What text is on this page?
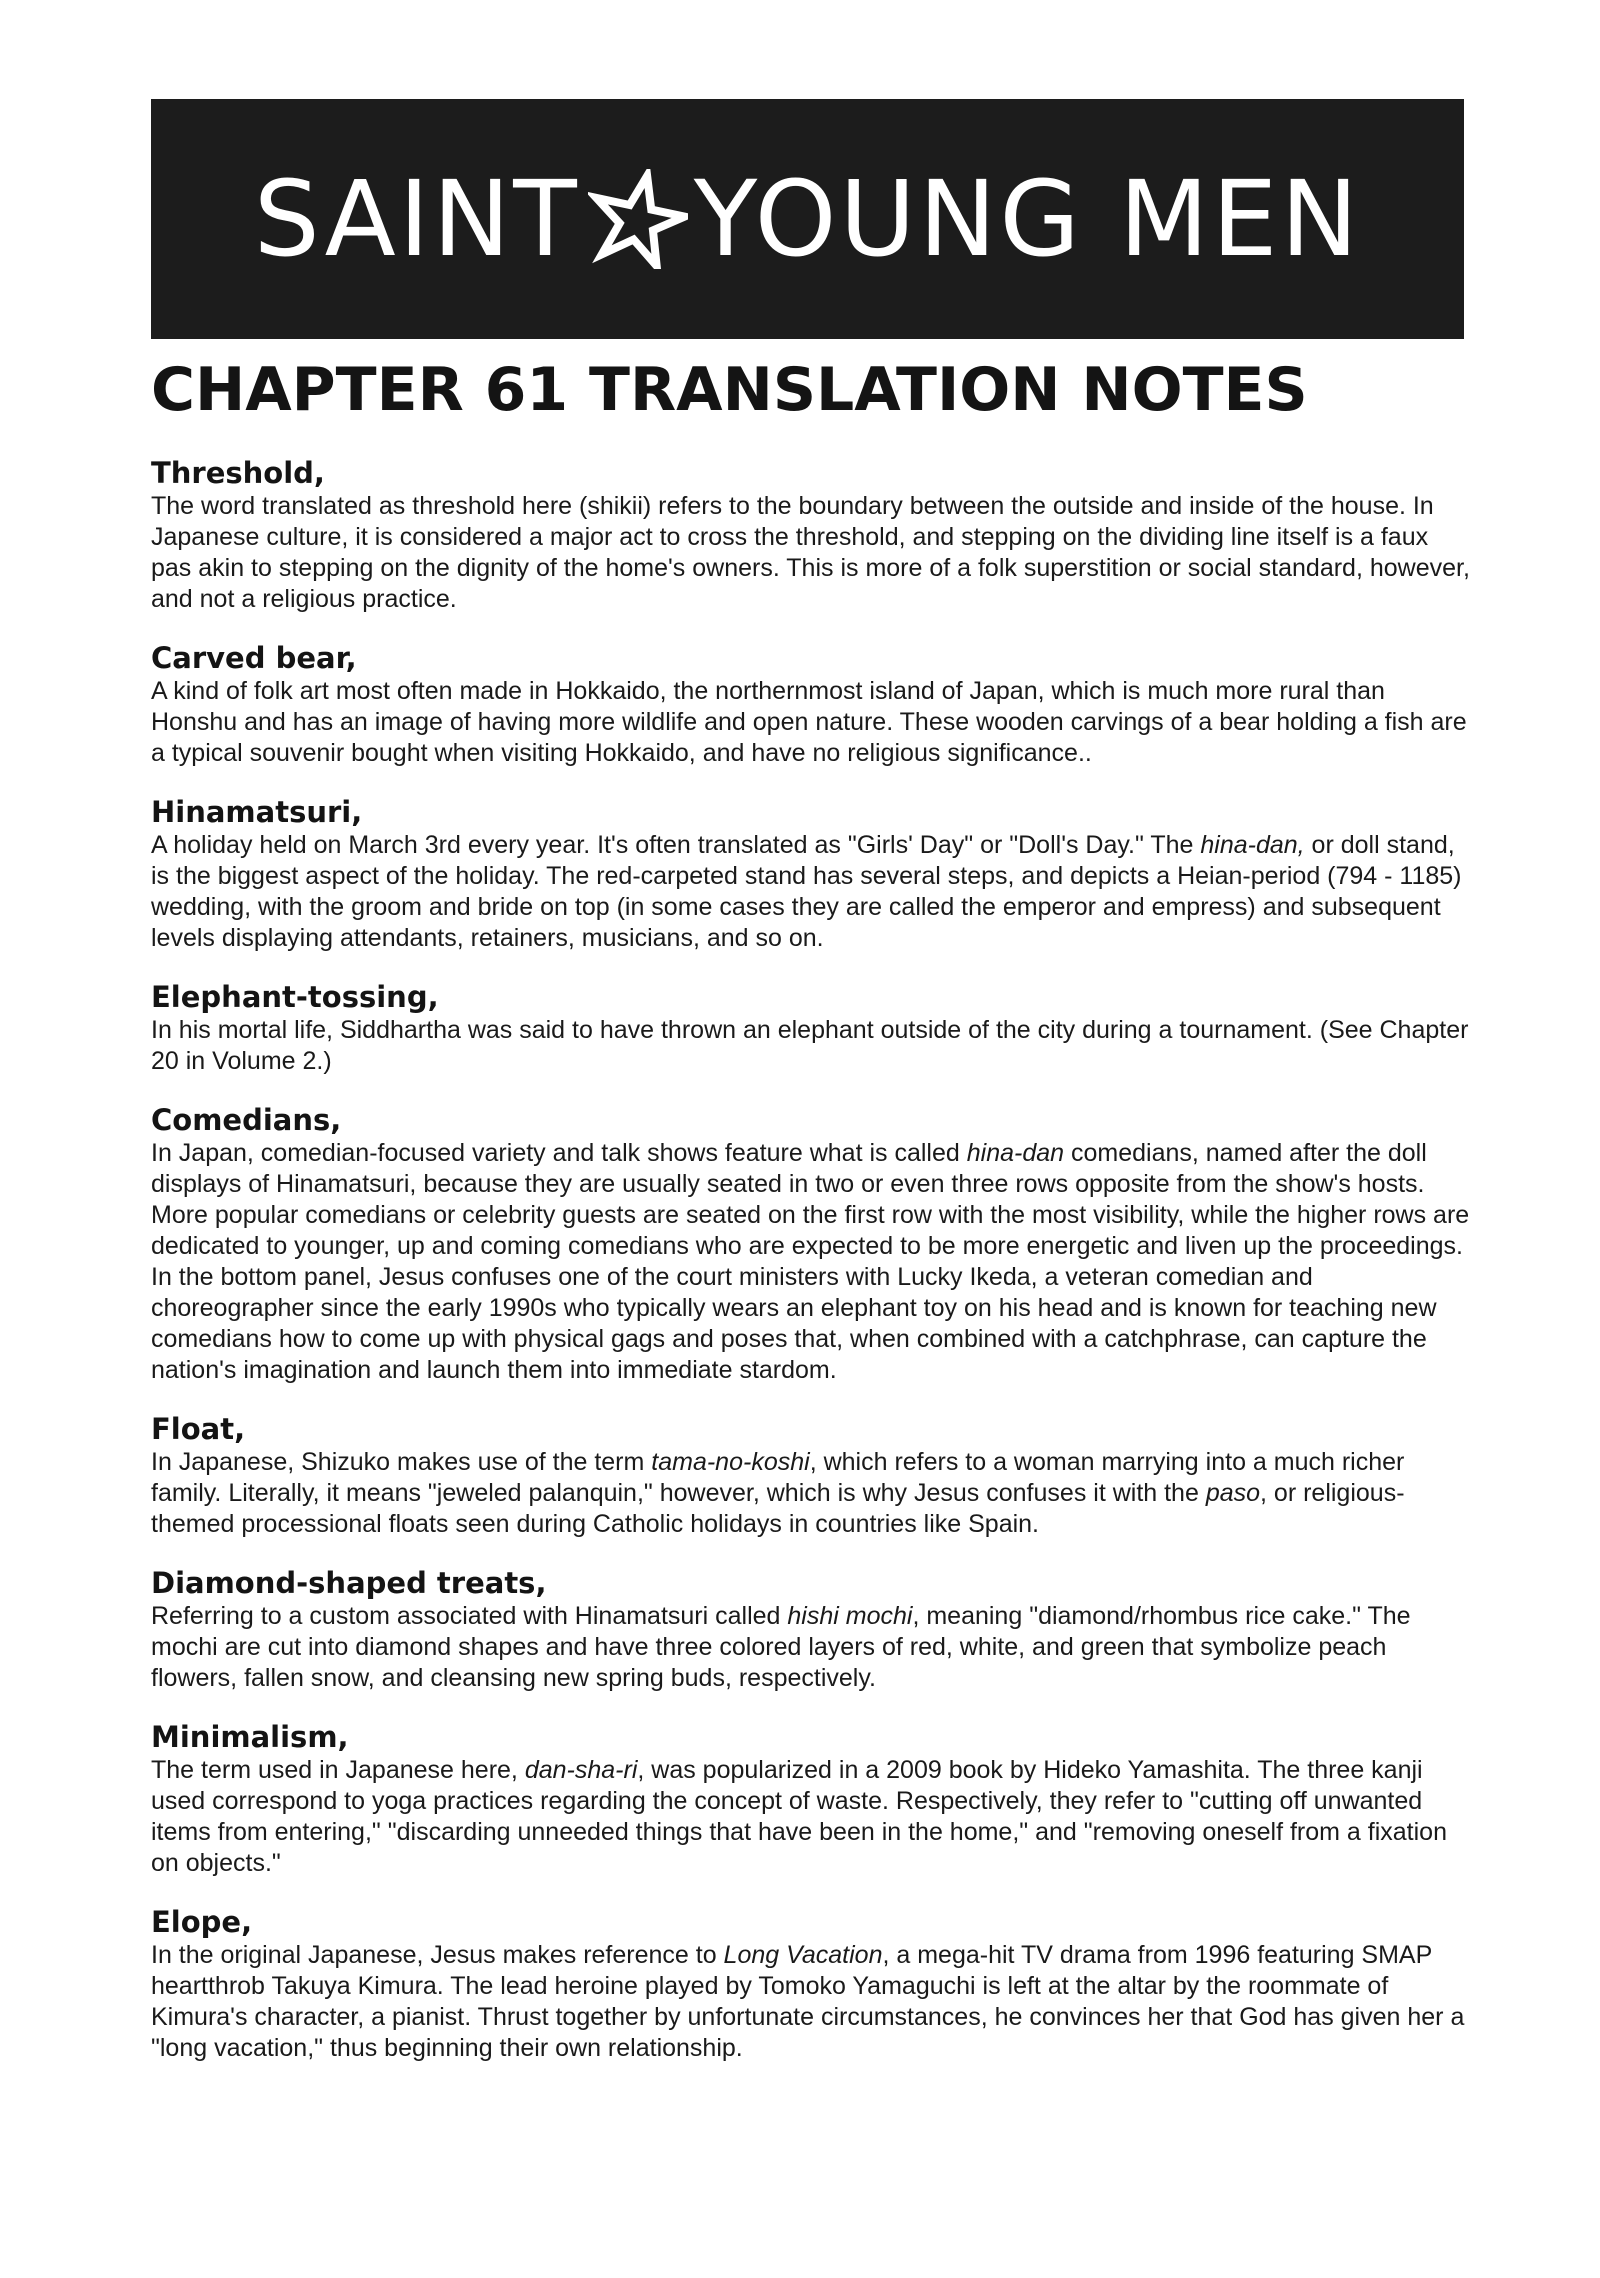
SAINT YOUNG MEN
CHAPTER 61 TRANSLATION NOTES
Threshold,

The word translated as threshold here (shikii) refers to the boundary between the outside and inside of the house. In Japanese culture, it is considered a major act to cross the threshold, and stepping on the dividing line itself is a faux pas akin to stepping on the dignity of the home's owners. This is more of a folk superstition or social standard, however, and not a religious practice.

Carved bear,

A kind of folk art most often made in Hokkaido, the northernmost island of Japan, which is much more rural than Honshu and has an image of having more wildlife and open nature. These wooden carvings of a bear holding a fish are a typical souvenir bought when visiting Hokkaido, and have no religious significance..

Hinamatsuri,

A holiday held on March 3rd every year. It's often translated as "Girls' Day" or "Doll's Day." The hina-dan, or doll stand, is the biggest aspect of the holiday. The red-carpeted stand has several steps, and depicts a Heian-period (794 - 1185) wedding, with the groom and bride on top (in some cases they are called the emperor and empress) and subsequent levels displaying attendants, retainers, musicians, and so on.

Elephant-tossing,

In his mortal life, Siddhartha was said to have thrown an elephant outside of the city during a tournament. (See Chapter 20 in Volume 2.)

Comedians,

In Japan, comedian-focused variety and talk shows feature what is called hina-dan comedians, named after the doll displays of Hinamatsuri, because they are usually seated in two or even three rows opposite from the show's hosts. More popular comedians or celebrity guests are seated on the first row with the most visibility, while the higher rows are dedicated to younger, up and coming comedians who are expected to be more energetic and liven up the proceedings. In the bottom panel, Jesus confuses one of the court ministers with Lucky Ikeda, a veteran comedian and choreographer since the early 1990s who typically wears an elephant toy on his head and is known for teaching new comedians how to come up with physical gags and poses that, when combined with a catchphrase, can capture the nation's imagination and launch them into immediate stardom.

Float,

In Japanese, Shizuko makes use of the term tama-no-koshi, which refers to a woman marrying into a much richer family. Literally, it means "jeweled palanquin," however, which is why Jesus confuses it with the paso, or religious-themed processional floats seen during Catholic holidays in countries like Spain.

Diamond-shaped treats,

Referring to a custom associated with Hinamatsuri called hishi mochi, meaning "diamond/rhombus rice cake." The mochi are cut into diamond shapes and have three colored layers of red, white, and green that symbolize peach flowers, fallen snow, and cleansing new spring buds, respectively.

Minimalism,

The term used in Japanese here, dan-sha-ri, was popularized in a 2009 book by Hideko Yamashita. The three kanji used correspond to yoga practices regarding the concept of waste. Respectively, they refer to "cutting off unwanted items from entering," "discarding unneeded things that have been in the home," and "removing oneself from a fixation on objects."

Elope,

In the original Japanese, Jesus makes reference to Long Vacation, a mega-hit TV drama from 1996 featuring SMAP heartthrob Takuya Kimura. The lead heroine played by Tomoko Yamaguchi is left at the altar by the roommate of Kimura's character, a pianist. Thrust together by unfortunate circumstances, he convinces her that God has given her a "long vacation," thus beginning their own relationship.
